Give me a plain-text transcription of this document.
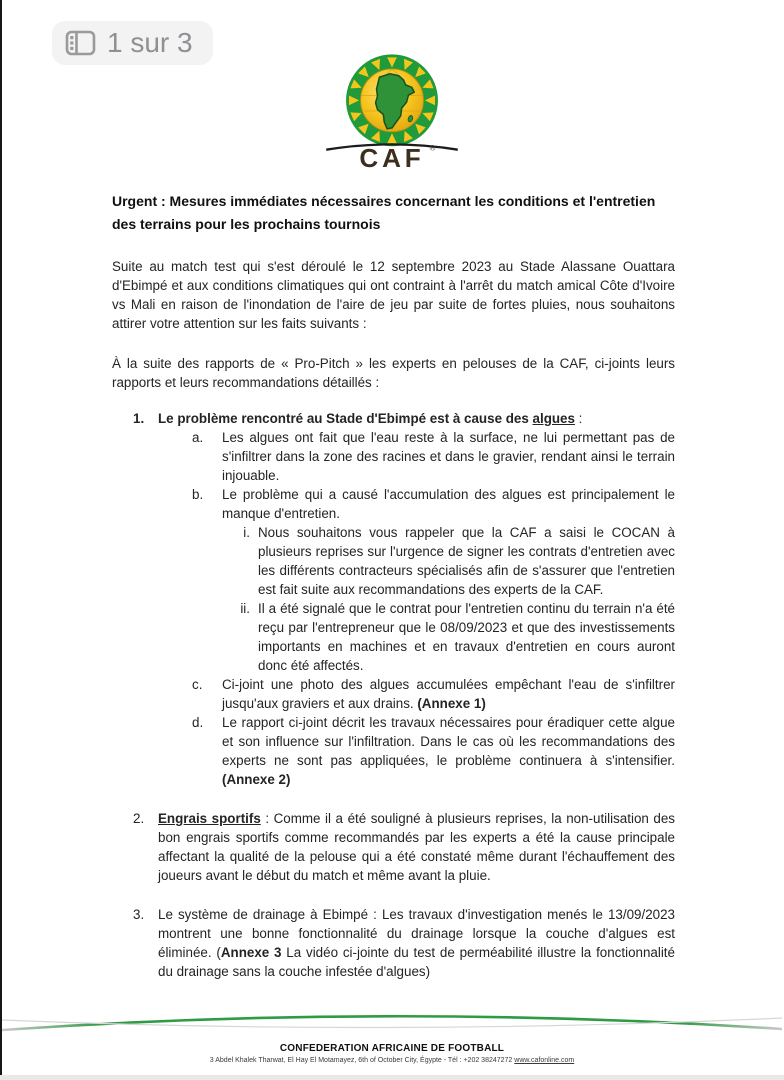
1 sur 3
CAF ®
Urgent : Mesures immédiates nécessaires concernant les conditions et l'entretien des terrains pour les prochains tournois
Suite au match test qui s'est déroulé le 12 septembre 2023 au Stade Alassane Ouattara d'Ebimpé et aux conditions climatiques qui ont contraint à l'arrêt du match amical Côte d'Ivoire vs Mali en raison de l'inondation de l'aire de jeu par suite de fortes pluies, nous souhaitons attirer votre attention sur les faits suivants :
À la suite des rapports de « Pro-Pitch » les experts en pelouses de la CAF, ci-joints leurs rapports et leurs recommandations détaillés :
1. Le problème rencontré au Stade d'Ebimpé est à cause des algues :
a. Les algues ont fait que l'eau reste à la surface, ne lui permettant pas de s'infiltrer dans la zone des racines et dans le gravier, rendant ainsi le terrain injouable.
b. Le problème qui a causé l'accumulation des algues est principalement le manque d'entretien.
i. Nous souhaitons vous rappeler que la CAF a saisi le COCAN à plusieurs reprises sur l'urgence de signer les contrats d'entretien avec les différents contracteurs spécialisés afin de s'assurer que l'entretien est fait suite aux recommandations des experts de la CAF.
ii. Il a été signalé que le contrat pour l'entretien continu du terrain n'a été reçu par l'entrepreneur que le 08/09/2023 et que des investissements importants en machines et en travaux d'entretien en cours auront donc été affectés.
c. Ci-joint une photo des algues accumulées empêchant l'eau de s'infiltrer jusqu'aux graviers et aux drains. (Annexe 1)
d. Le rapport ci-joint décrit les travaux nécessaires pour éradiquer cette algue et son influence sur l'infiltration. Dans le cas où les recommandations des experts ne sont pas appliquées, le problème continuera à s'intensifier. (Annexe 2)
2. Engrais sportifs : Comme il a été souligné à plusieurs reprises, la non-utilisation des bon engrais sportifs comme recommandés par les experts a été la cause principale affectant la qualité de la pelouse qui a été constaté même durant l'échauffement des joueurs avant le début du match et même avant la pluie.
3. Le système de drainage à Ebimpé : Les travaux d'investigation menés le 13/09/2023 montrent une bonne fonctionnalité du drainage lorsque la couche d'algues est éliminée. (Annexe 3 La vidéo ci-jointe du test de perméabilité illustre la fonctionnalité du drainage sans la couche infestée d'algues)
CONFEDERATION AFRICAINE DE FOOTBALL
3 Abdel Khalek Tharwat, El Hay El Motamayez, 6th of October City, Égypte - Tél : +202 38247272 www.cafonline.com
